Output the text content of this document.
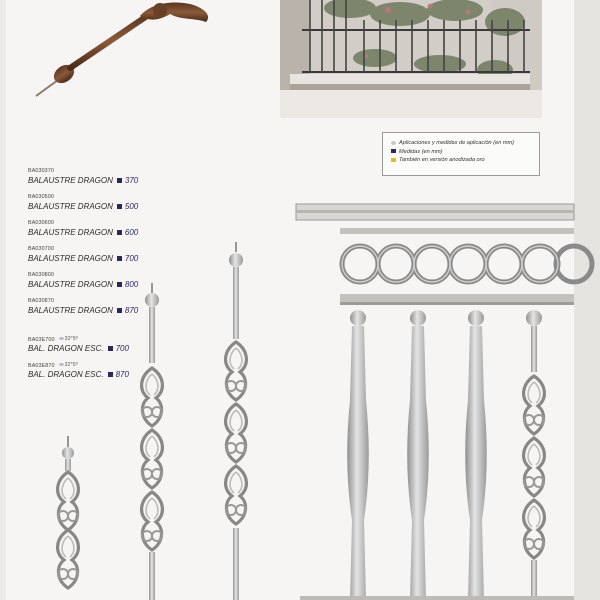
Aplicaciones y medidas de aplicación (en mm)
Medidas (en mm)
También en versión anodizada oro
BA030370
BALAUSTRE DRAGON 370
BA030500
BALAUSTRE DRAGON 500
BA030600
BALAUSTRE DRAGON 600
BA030700
BALAUSTRE DRAGON 700
BA030800
BALAUSTRE DRAGON 800
BA030870
BALAUSTRE DRAGON 870
BA03E700 32°5º
BAL. DRAGON ESC. 700
BA03E870 32°5º
BAL. DRAGON ESC. 870
